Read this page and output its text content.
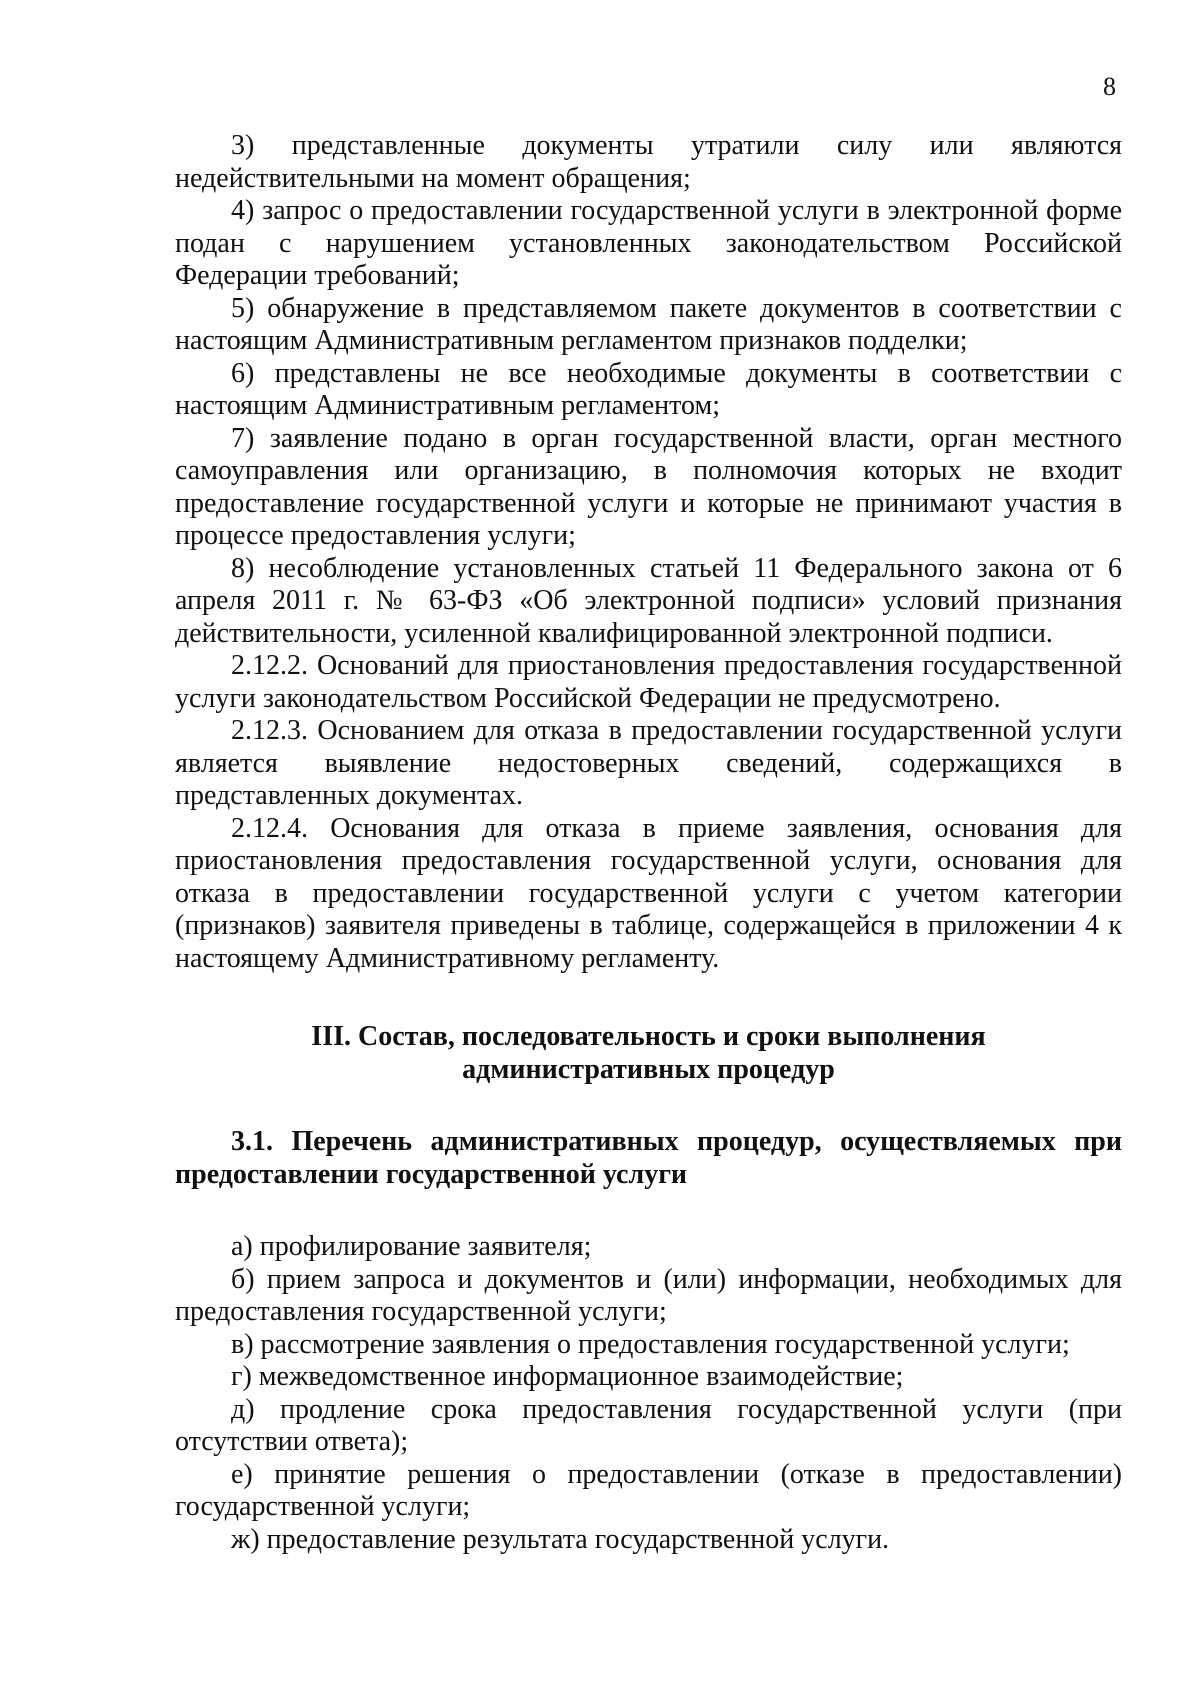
8

3) представленные документы утратили силу или являются недействительными на момент обращения;

4) запрос о предоставлении государственной услуги в электронной форме подан с нарушением установленных законодательством Российской Федерации требований;

5) обнаружение в представляемом пакете документов в соответствии с настоящим Административным регламентом признаков подделки;

6) представлены не все необходимые документы в соответствии с настоящим Административным регламентом;

7) заявление подано в орган государственной власти, орган местного самоуправления или организацию, в полномочия которых не входит предоставление государственной услуги и которые не принимают участия в процессе предоставления услуги;

8) несоблюдение установленных статьей 11 Федерального закона от 6 апреля 2011 г. № 63-ФЗ «Об электронной подписи» условий признания действительности, усиленной квалифицированной электронной подписи.

2.12.2. Оснований для приостановления предоставления государственной услуги законодательством Российской Федерации не предусмотрено.

2.12.3. Основанием для отказа в предоставлении государственной услуги является выявление недостоверных сведений, содержащихся в представленных документах.

2.12.4. Основания для отказа в приеме заявления, основания для приостановления предоставления государственной услуги, основания для отказа в предоставлении государственной услуги с учетом категории (признаков) заявителя приведены в таблице, содержащейся в приложении 4 к настоящему Административному регламенту.

III. Состав, последовательность и сроки выполнения
административных процедур

3.1. Перечень административных процедур, осуществляемых при предоставлении государственной услуги

а) профилирование заявителя;

б) прием запроса и документов и (или) информации, необходимых для предоставления государственной услуги;

в) рассмотрение заявления о предоставления государственной услуги;

г) межведомственное информационное взаимодействие;

д) продление срока предоставления государственной услуги (при отсутствии ответа);

е) принятие решения о предоставлении (отказе в предоставлении) государственной услуги;

ж) предоставление результата государственной услуги.
